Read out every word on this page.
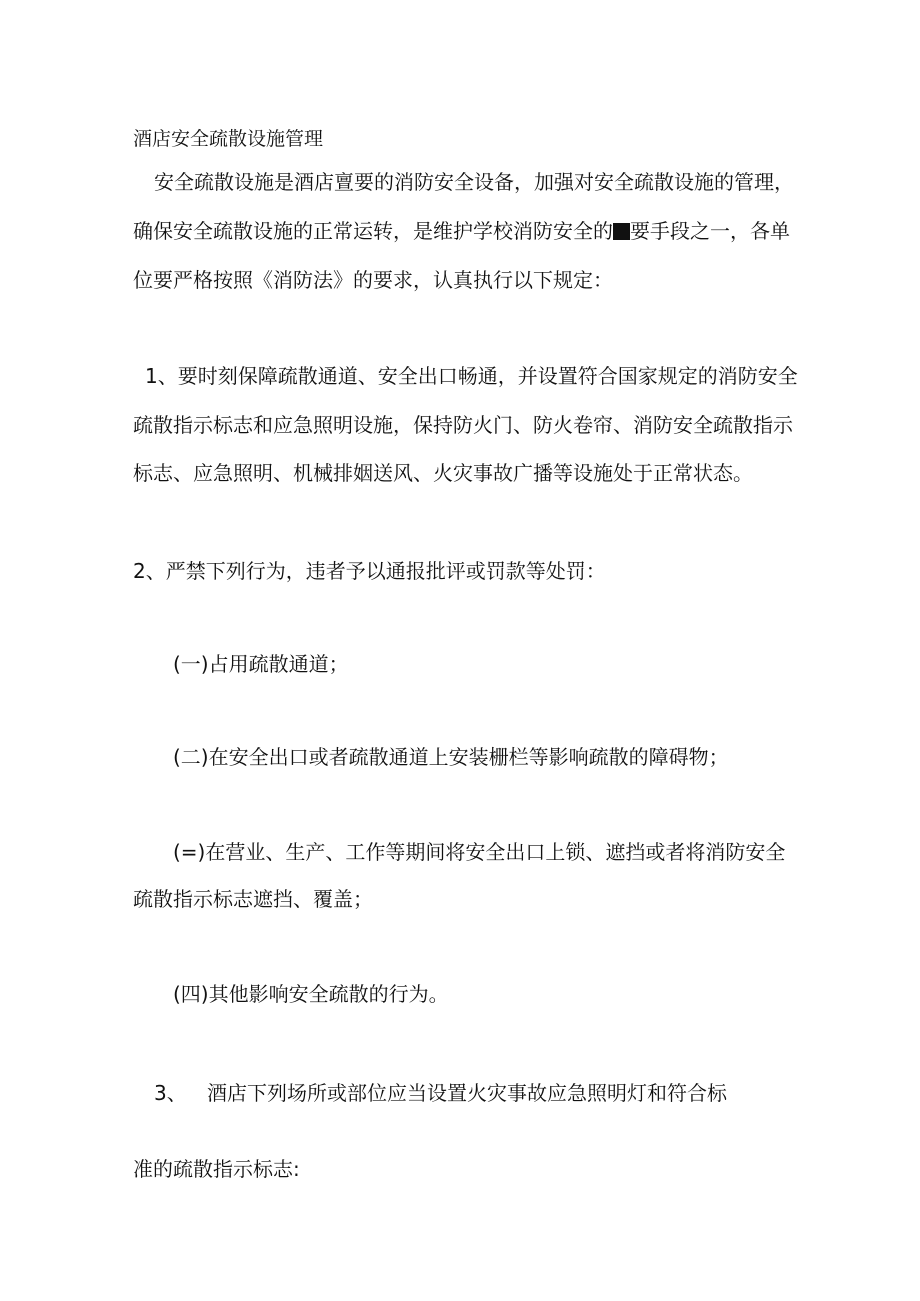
酒店安全疏散设施管理
安全疏散设施是酒店亶要的消防安全设备，加强对安全疏散设施的管理，
确保安全疏散设施的正常运转，是维护学校消防安全的 要手段之一，各单
位要严格按照《消防法》的要求，认真执行以下规定：
1、要时刻保障疏散通道、安全出口畅通，并设置符合国家规定的消防安全
疏散指示标志和应急照明设施，保持防火门、防火卷帘、消防安全疏散指示
标志、应急照明、机械排姻送风、火灾事故广播等设施处于正常状态。
2、严禁下列行为，违者予以通报批评或罚款等处罚：
(一)占用疏散通道；
(二)在安全出口或者疏散通道上安装栅栏等影响疏散的障碍物；
(=)在营业、生产、工作等期间将安全出口上锁、遮挡或者将消防安全
疏散指示标志遮挡、覆盖；
(四)其他影响安全疏散的行为。
3、 酒店下列场所或部位应当设置火灾事故应急照明灯和符合标
准的疏散指示标志:
